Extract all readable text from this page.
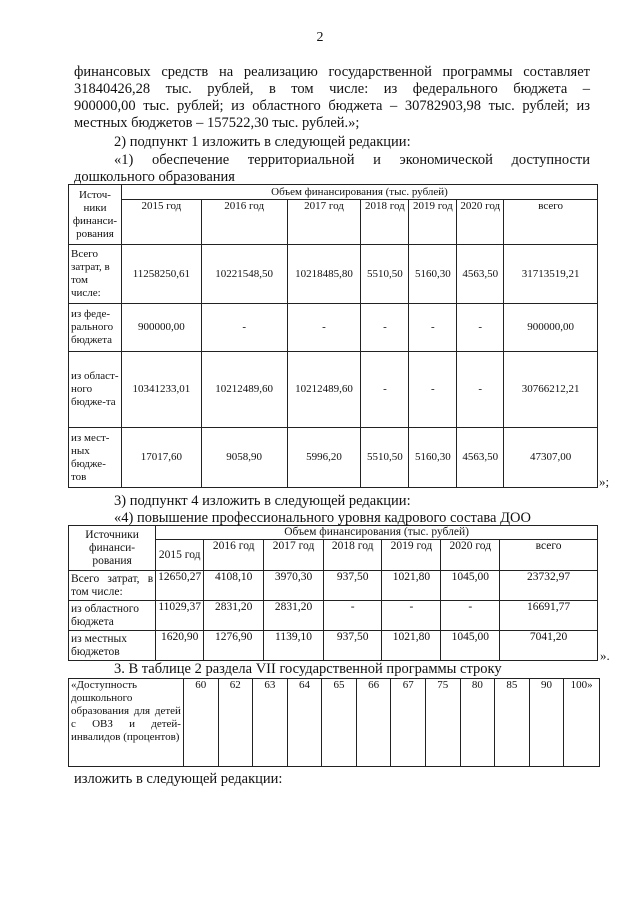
2
финансовых средств на реализацию государственной программы составляет
31840426,28 тыс. рублей, в том числе: из федерального бюджета –
900000,00 тыс. рублей; из областного бюджета – 30782903,98 тыс. рублей; из
местных бюджетов – 157522,30 тыс. рублей.»;
2) подпункт 1 изложить в следующей редакции:
«1) обеспечение территориальной и экономической доступности
дошкольного образования
Источ-ники финанси-рования	Объем финансирования (тыс. рублей)						
	2015 год	2016 год	2017 год	2018 год	2019 год	2020 год	всего
Всего затрат, в том числе:	11258250,61	10221548,50	10218485,80	5510,50	5160,30	4563,50	31713519,21
из феде-рального бюджета	900000,00	-	-	-	-	-	900000,00
из област-ного бюдже-та	10341233,01	10212489,60	10212489,60	-	-	-	30766212,21
из мест-ных бюдже-тов	17017,60	9058,90	5996,20	5510,50	5160,30	4563,50	47307,00
»;
3) подпункт 4 изложить в следующей редакции:
«4) повышение профессионального уровня кадрового состава ДОО
Источники финанси-рования	Объем финансирования (тыс. рублей)						
	2015 год	2016 год	2017 год	2018 год	2019 год	2020 год	всего
Всего затрат, в том числе:	12650,27	4108,10	3970,30	937,50	1021,80	1045,00	23732,97
из областного бюджета	11029,37	2831,20	2831,20	-	-	-	16691,77
из местных бюджетов	1620,90	1276,90	1139,10	937,50	1021,80	1045,00	7041,20
».
3. В таблице 2 раздела VII государственной программы строку
«Доступность дошкольного образования для детей с ОВЗ и детей-инвалидов (процентов)	60	62	63	64	65	66	67	75	80	85	90	100»
изложить в следующей редакции:
